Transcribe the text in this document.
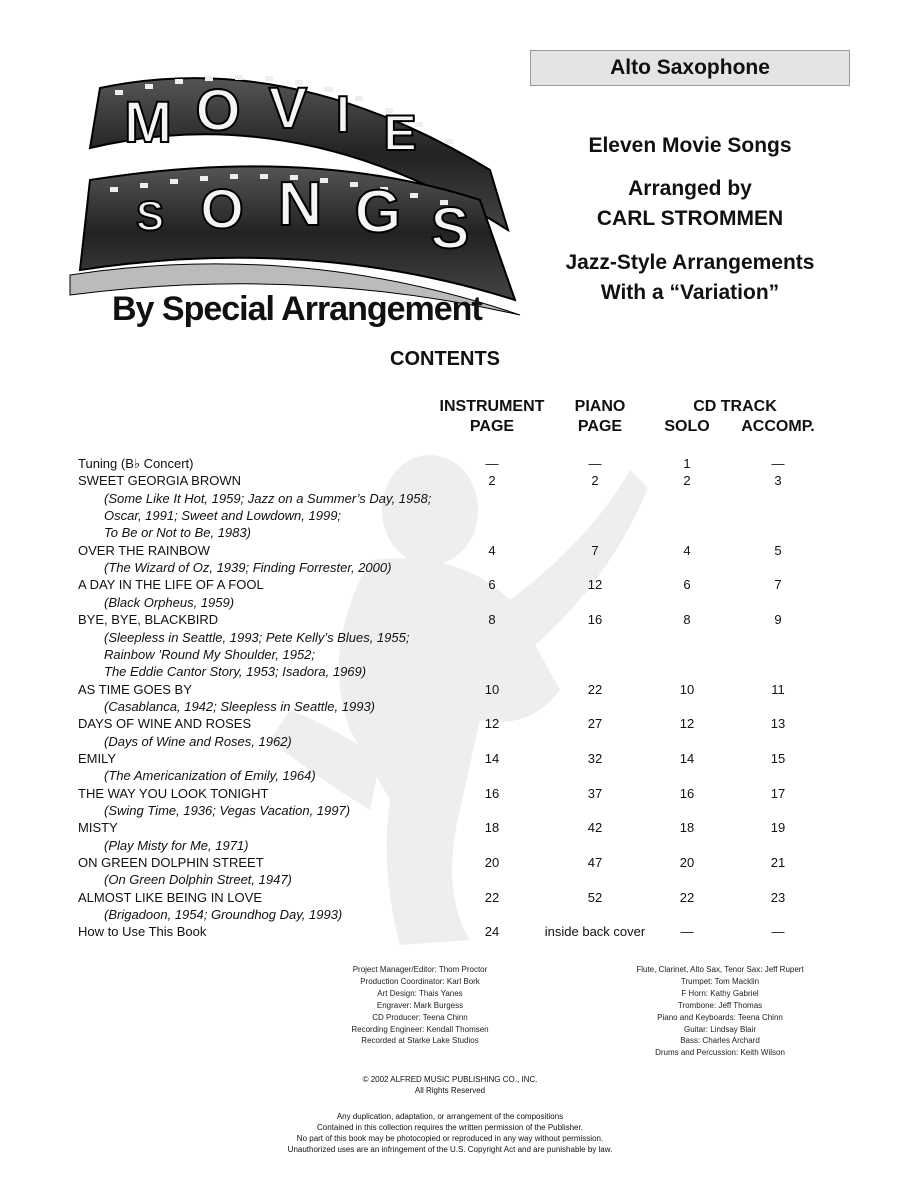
Alto Saxophone
M O V I E
S O N G S
By Special Arrangement
Eleven Movie Songs
Arranged by
CARL STROMMEN
Jazz-Style Arrangements
With a “Variation”
CONTENTS
INSTRUMENT
PAGE
PIANO
PAGE
CD TRACK
SOLO	ACCOMP.
Tuning (B♭ Concert)	—	—	1	—
SWEET GEORGIA BROWN	2	2	2	3
(Some Like It Hot, 1959; Jazz on a Summer’s Day, 1958;
Oscar, 1991; Sweet and Lowdown, 1999;
To Be or Not to Be, 1983)
OVER THE RAINBOW	4	7	4	5
(The Wizard of Oz, 1939; Finding Forrester, 2000)
A DAY IN THE LIFE OF A FOOL	6	12	6	7
(Black Orpheus, 1959)
BYE, BYE, BLACKBIRD	8	16	8	9
(Sleepless in Seattle, 1993; Pete Kelly’s Blues, 1955;
Rainbow ’Round My Shoulder, 1952;
The Eddie Cantor Story, 1953; Isadora, 1969)
AS TIME GOES BY	10	22	10	11
(Casablanca, 1942; Sleepless in Seattle, 1993)
DAYS OF WINE AND ROSES	12	27	12	13
(Days of Wine and Roses, 1962)
EMILY	14	32	14	15
(The Americanization of Emily, 1964)
THE WAY YOU LOOK TONIGHT	16	37	16	17
(Swing Time, 1936; Vegas Vacation, 1997)
MISTY	18	42	18	19
(Play Misty for Me, 1971)
ON GREEN DOLPHIN STREET	20	47	20	21
(On Green Dolphin Street, 1947)
ALMOST LIKE BEING IN LOVE	22	52	22	23
(Brigadoon, 1954; Groundhog Day, 1993)
How to Use This Book	24	inside back cover	—	—
Project Manager/Editor: Thom Proctor
Production Coordinator: Karl Bork
Art Design: Thais Yanes
Engraver: Mark Burgess
CD Producer: Teena Chinn
Recording Engineer: Kendall Thomsen
Recorded at Starke Lake Studios
Flute, Clarinet, Alto Sax, Tenor Sax: Jeff Rupert
Trumpet: Tom Macklin
F Horn: Kathy Gabriel
Trombone: Jeff Thomas
Piano and Keyboards: Teena Chinn
Guitar: Lindsay Blair
Bass: Charles Archard
Drums and Percussion: Keith Wilson
© 2002 ALFRED MUSIC PUBLISHING CO., INC.
All Rights Reserved
Any duplication, adaptation, or arrangement of the compositions
Contained in this collection requires the written permission of the Publisher.
No part of this book may be photocopied or reproduced in any way without permission.
Unauthorized uses are an infringement of the U.S. Copyright Act and are punishable by law.
